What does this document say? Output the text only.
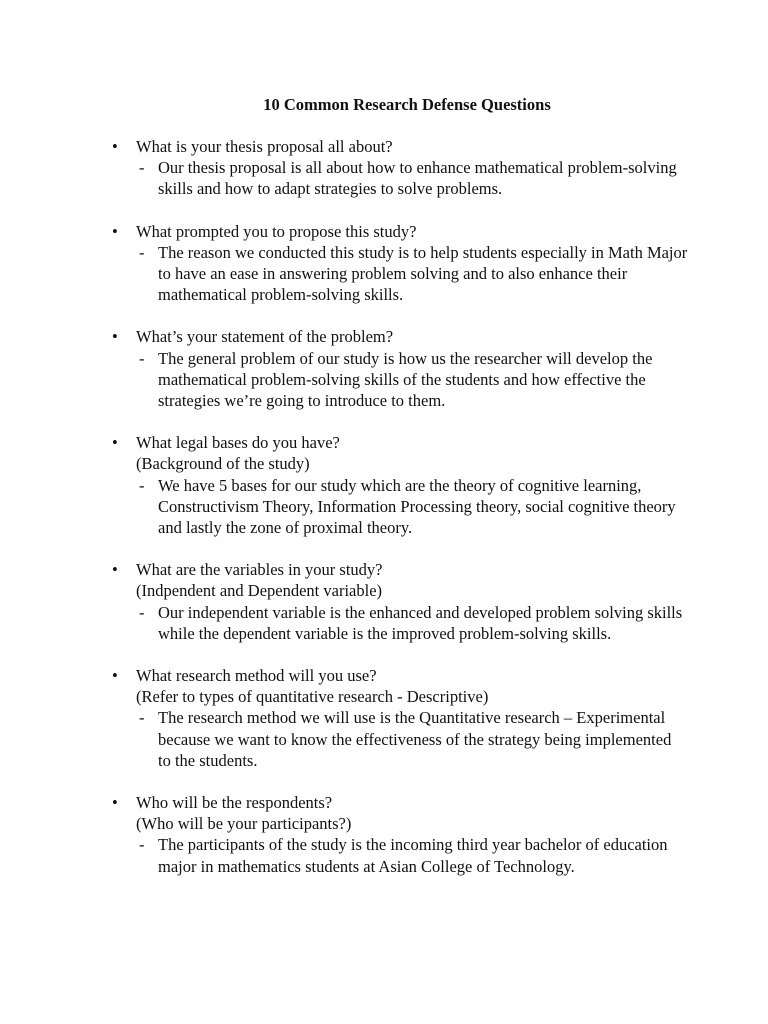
10 Common Research Defense Questions
• What is your thesis proposal all about?

- Our thesis proposal is all about how to enhance mathematical problem-solving skills and how to adapt strategies to solve problems.

• What prompted you to propose this study?

- The reason we conducted this study is to help students especially in Math Major to have an ease in answering problem solving and to also enhance their mathematical problem-solving skills.

• What’s your statement of the problem?

- The general problem of our study is how us the researcher will develop the mathematical problem-solving skills of the students and how effective the strategies we’re going to introduce to them.

• What legal bases do you have?
(Background of the study)

- We have 5 bases for our study which are the theory of cognitive learning, Constructivism Theory, Information Processing theory, social cognitive theory and lastly the zone of proximal theory.

• What are the variables in your study?
(Indpendent and Dependent variable)

- Our independent variable is the enhanced and developed problem solving skills while the dependent variable is the improved problem-solving skills.

• What research method will you use?
(Refer to types of quantitative research - Descriptive)

- The research method we will use is the Quantitative research – Experimental because we want to know the effectiveness of the strategy being implemented to the students.

• Who will be the respondents?
(Who will be your participants?)

- The participants of the study is the incoming third year bachelor of education major in mathematics students at Asian College of Technology.
